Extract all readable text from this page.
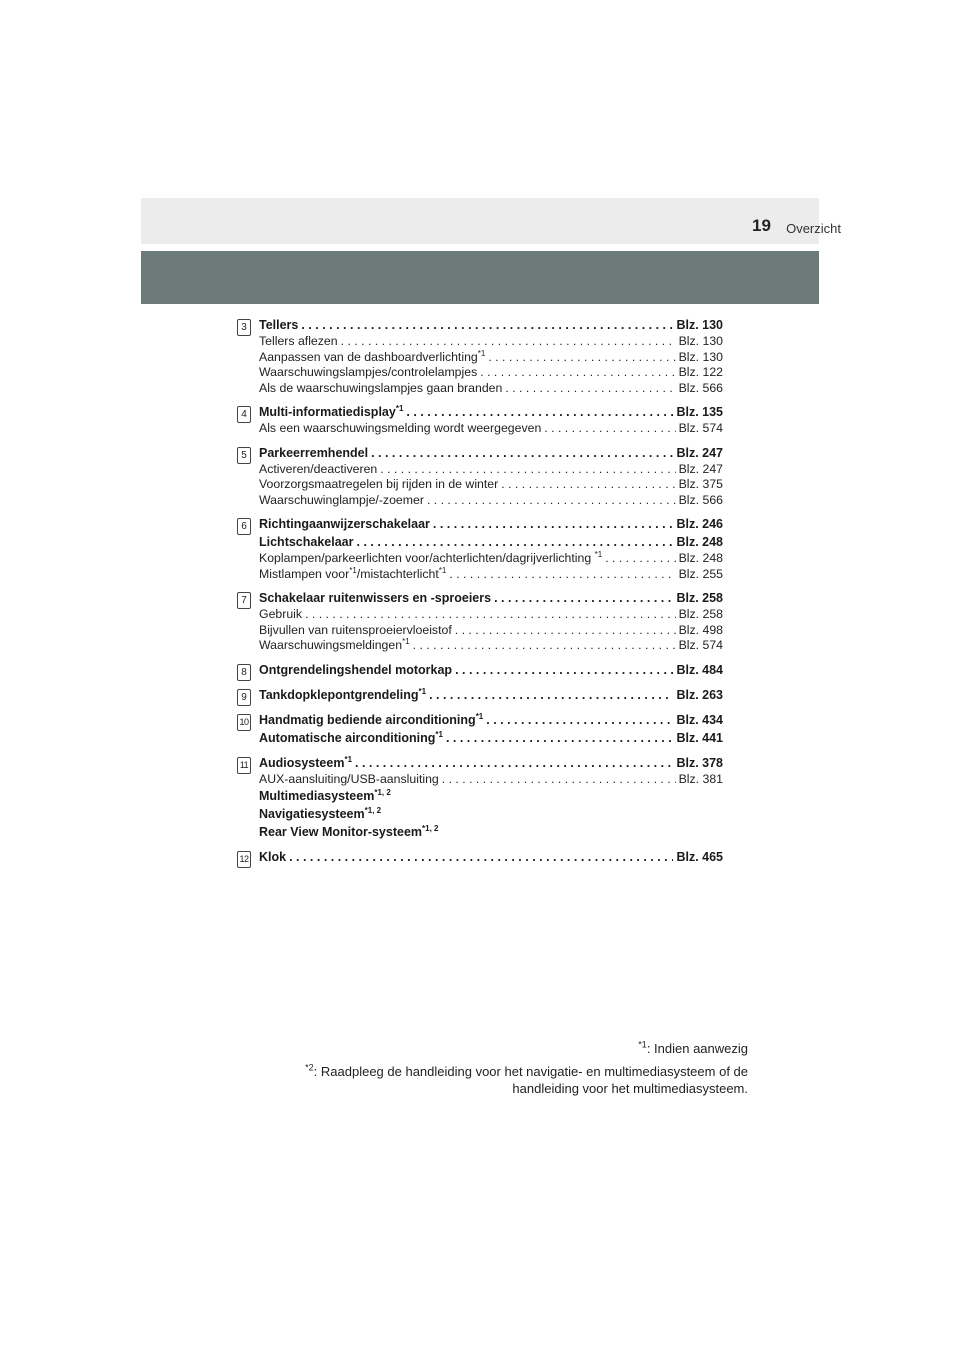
Overzicht
19
3 Tellers . . .	Blz. 130
Tellers aflezen . . .	Blz. 130
Aanpassen van de dashboardverlichting$^{*1}$ . . .	Blz. 130
Waarschuwingslampjes/controlelampjes . . .	Blz. 122
Als de waarschuwingslampjes gaan branden . . .	Blz. 566
4 Multi-informatiedisplay$^{*1}$ . . .	Blz. 135
Als een waarschuwingsmelding wordt weergegeven . . .	Blz. 574
5 Parkeerremhendel . . .	Blz. 247
Activeren/deactiveren . . .	Blz. 247
Voorzorgsmaatregelen bij rijden in de winter . . .	Blz. 375
Waarschuwinglampje/-zoemer . . .	Blz. 566
6 Richtingaanwijzerschakelaar . . .	Blz. 246
Lichtschakelaar . . .	Blz. 248
Koplampen/parkeerlichten voor/achterlichten/dagrijverlichting $^{*1}$ . . .	Blz. 248
Mistlampen voor$^{*1}$/mistachterlicht$^{*1}$ . . .	Blz. 255
7 Schakelaar ruitenwissers en -sproeiers . . .	Blz. 258
Gebruik . . .	Blz. 258
Bijvullen van ruitensproeiervloeistof . . .	Blz. 498
Waarschuwingsmeldingen$^{*1}$ . . .	Blz. 574
8 Ontgrendelingshendel motorkap . . .	Blz. 484
9 Tankdopklepontgrendeling$^{*1}$ . . .	Blz. 263
10 Handmatig bediende airconditioning$^{*1}$ . . .	Blz. 434
Automatische airconditioning$^{*1}$ . . .	Blz. 441
11 Audiosysteem$^{*1}$ . . .	Blz. 378
AUX-aansluiting/USB-aansluiting . . .	Blz. 381
Multimediasysteem$^{*1, 2}$
Navigatiesysteem$^{*1, 2}$
Rear View Monitor-systeem$^{*1, 2}$
12 Klok . . .	Blz. 465
$^{*1}$: Indien aanwezig
$^{*2}$: Raadpleeg de handleiding voor het navigatie- en multimediasysteem of de
handleiding voor het multimediasysteem.
